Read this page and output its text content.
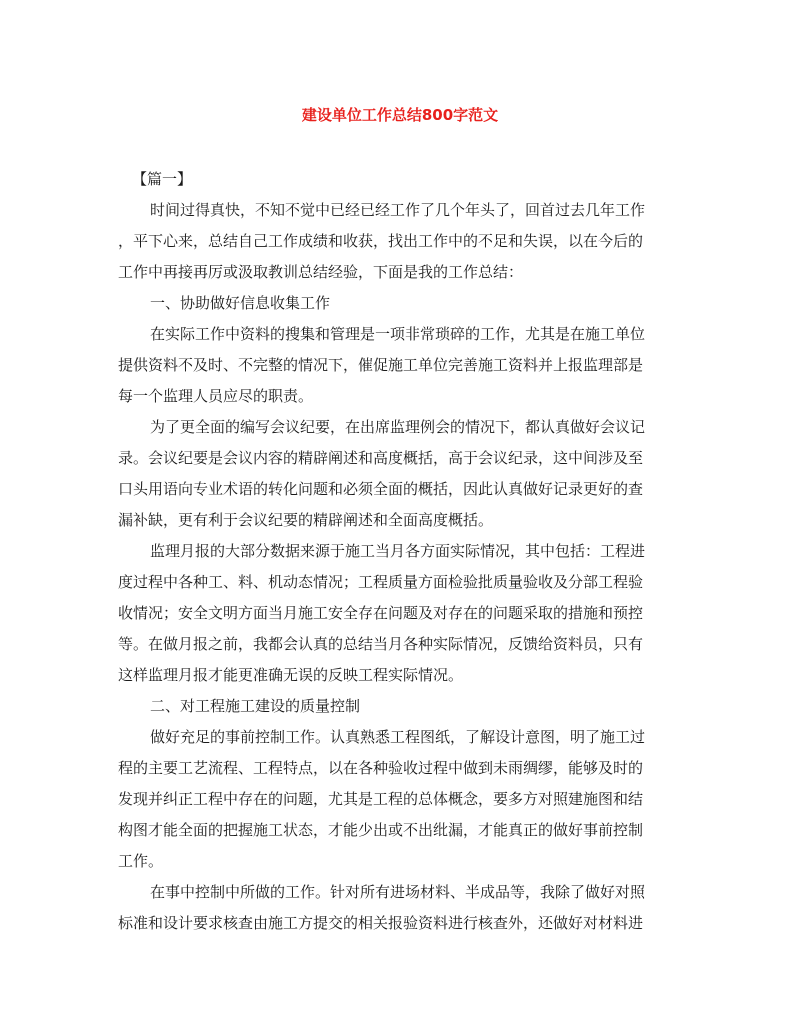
建设单位工作总结800字范文

【篇一】

时间过得真快，不知不觉中已经已经工作了几个年头了，回首过去几年工作

，平下心来，总结自己工作成绩和收获，找出工作中的不足和失误，以在今后的

工作中再接再厉或汲取教训总结经验，下面是我的工作总结：

一、协助做好信息收集工作

在实际工作中资料的搜集和管理是一项非常琐碎的工作，尤其是在施工单位

提供资料不及时、不完整的情况下，催促施工单位完善施工资料并上报监理部是

每一个监理人员应尽的职责。

为了更全面的编写会议纪要，在出席监理例会的情况下，都认真做好会议记

录。会议纪要是会议内容的精辟阐述和高度概括，高于会议纪录，这中间涉及至

口头用语向专业术语的转化问题和必须全面的概括，因此认真做好记录更好的查

漏补缺，更有利于会议纪要的精辟阐述和全面高度概括。

监理月报的大部分数据来源于施工当月各方面实际情况，其中包括：工程进

度过程中各种工、料、机动态情况；工程质量方面检验批质量验收及分部工程验

收情况；安全文明方面当月施工安全存在问题及对存在的问题采取的措施和预控

等。在做月报之前，我都会认真的总结当月各种实际情况，反馈给资料员，只有

这样监理月报才能更准确无误的反映工程实际情况。

二、对工程施工建设的质量控制

做好充足的事前控制工作。认真熟悉工程图纸，了解设计意图，明了施工过

程的主要工艺流程、工程特点，以在各种验收过程中做到未雨绸缪，能够及时的

发现并纠正工程中存在的问题，尤其是工程的总体概念，要多方对照建施图和结

构图才能全面的把握施工状态，才能少出或不出纰漏，才能真正的做好事前控制

工作。

在事中控制中所做的工作。针对所有进场材料、半成品等，我除了做好对照

标准和设计要求核查由施工方提交的相关报验资料进行核查外，还做好对材料进
